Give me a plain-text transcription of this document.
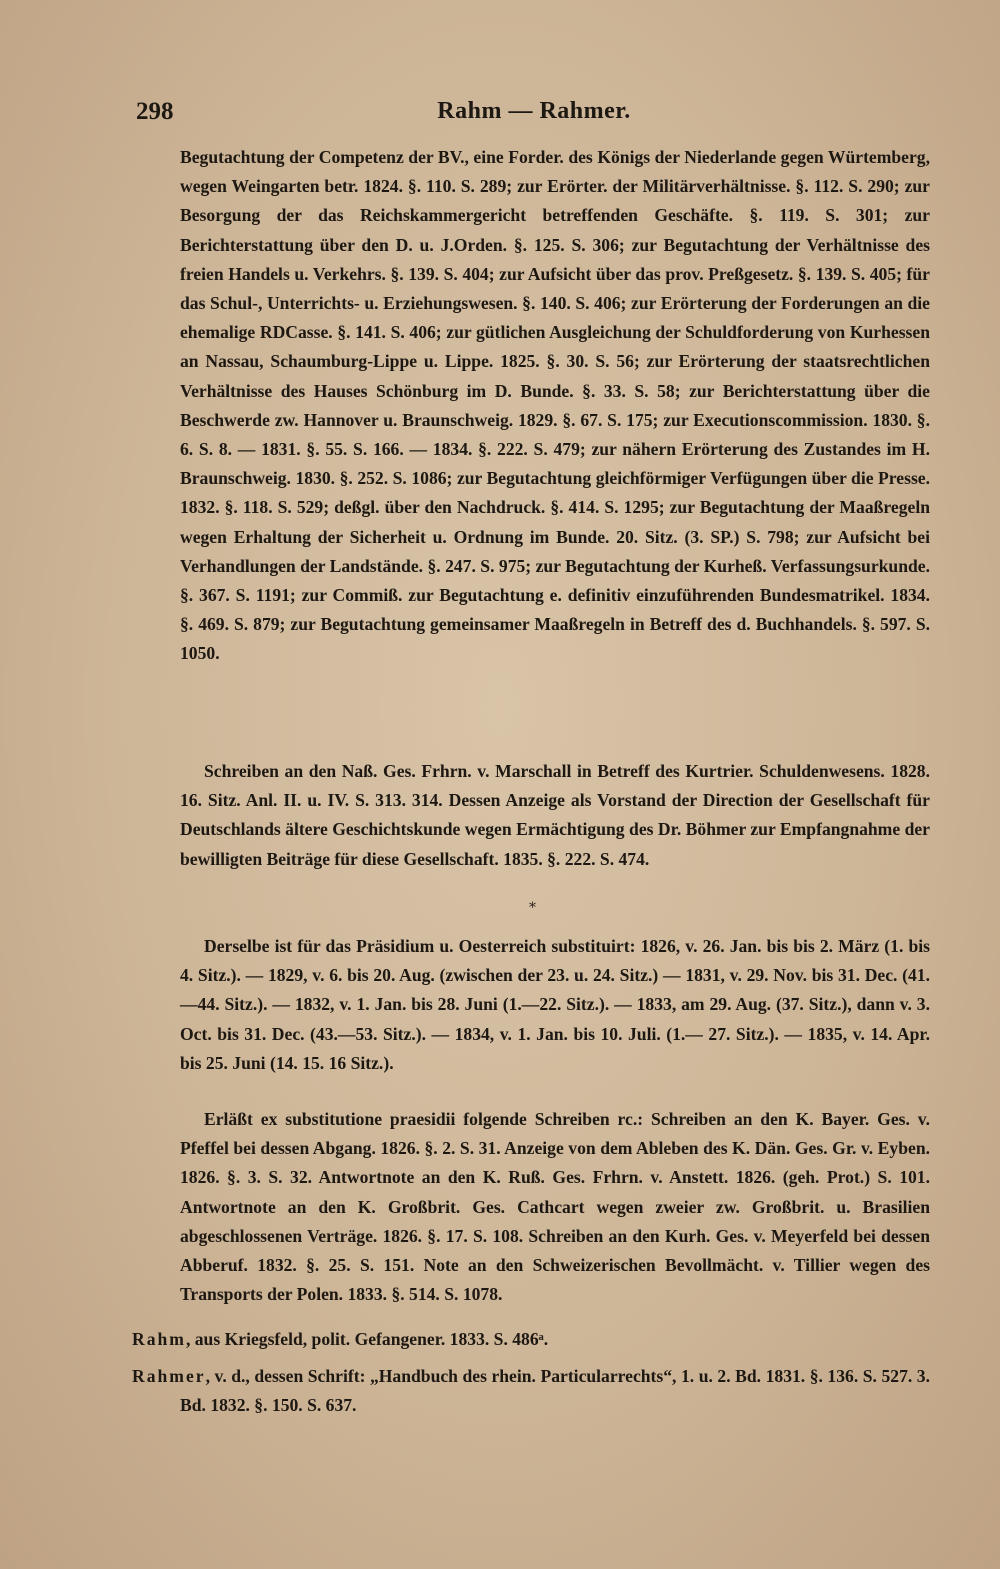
298	Rahm — Rahmer.

Begutachtung der Competenz der BV., eine Forder. des Königs der Niederlande gegen Würtemberg, wegen Weingarten betr. 1824. §. 110. S. 289; zur Erörter. der Militärverhältnisse. §. 112. S. 290; zur Besorgung der das Reichskammergericht betreffenden Geschäfte. §. 119. S. 301; zur Berichterstattung über den D. u. J.Orden. §. 125. S. 306; zur Begutachtung der Verhältnisse des freien Handels u. Verkehrs. §. 139. S. 404; zur Aufsicht über das prov. Preßgesetz. §. 139. S. 405; für das Schul-, Unterrichts- u. Erziehungswesen. §. 140. S. 406; zur Erörterung der Forderungen an die ehemalige RDCasse. §. 141. S. 406; zur gütlichen Ausgleichung der Schuldforderung von Kurhessen an Nassau, Schaumburg-Lippe u. Lippe. 1825. §. 30. S. 56; zur Erörterung der staatsrechtlichen Verhältnisse des Hauses Schönburg im D. Bunde. §. 33. S. 58; zur Berichterstattung über die Beschwerde zw. Hannover u. Braunschweig. 1829. §. 67. S. 175; zur Executionscommission. 1830. §. 6. S. 8. — 1831. §. 55. S. 166. — 1834. §. 222. S. 479; zur nähern Erörterung des Zustandes im H. Braunschweig. 1830. §. 252. S. 1086; zur Begutachtung gleichförmiger Verfügungen über die Presse. 1832. §. 118. S. 529; deßgl. über den Nachdruck. §. 414. S. 1295; zur Begutachtung der Maaßregeln wegen Erhaltung der Sicherheit u. Ordnung im Bunde. 20. Sitz. (3. SP.) S. 798; zur Aufsicht bei Verhandlungen der Landstände. §. 247. S. 975; zur Begutachtung der Kurheß. Verfassungsurkunde. §. 367. S. 1191; zur Commiß. zur Begutachtung e. definitiv einzuführenden Bundesmatrikel. 1834. §. 469. S. 879; zur Begutachtung gemeinsamer Maaßregeln in Betreff des d. Buchhandels. §. 597. S. 1050.

Schreiben an den Naß. Ges. Frhrn. v. Marschall in Betreff des Kurtrier. Schuldenwesens. 1828. 16. Sitz. Anl. II. u. IV. S. 313. 314. Dessen Anzeige als Vorstand der Direction der Gesellschaft für Deutschlands ältere Geschichtskunde wegen Ermächtigung des Dr. Böhmer zur Empfangnahme der bewilligten Beiträge für diese Gesellschaft. 1835. §. 222. S. 474.

*

Derselbe ist für das Präsidium u. Oesterreich substituirt: 1826, v. 26. Jan. bis bis 2. März (1. bis 4. Sitz.). — 1829, v. 6. bis 20. Aug. (zwischen der 23. u. 24. Sitz.) — 1831, v. 29. Nov. bis 31. Dec. (41.—44. Sitz.). — 1832, v. 1. Jan. bis 28. Juni (1.—22. Sitz.). — 1833, am 29. Aug. (37. Sitz.), dann v. 3. Oct. bis 31. Dec. (43.—53. Sitz.). — 1834, v. 1. Jan. bis 10. Juli. (1.— 27. Sitz.). — 1835, v. 14. Apr. bis 25. Juni (14. 15. 16 Sitz.).

Erläßt ex substitutione praesidii folgende Schreiben rc.: Schreiben an den K. Bayer. Ges. v. Pfeffel bei dessen Abgang. 1826. §. 2. S. 31. Anzeige von dem Ableben des K. Dän. Ges. Gr. v. Eyben. 1826. §. 3. S. 32. Antwortnote an den K. Ruß. Ges. Frhrn. v. Anstett. 1826. (geh. Prot.) S. 101. Antwortnote an den K. Großbrit. Ges. Cathcart wegen zweier zw. Großbrit. u. Brasilien abgeschlossenen Verträge. 1826. §. 17. S. 108. Schreiben an den Kurh. Ges. v. Meyerfeld bei dessen Abberuf. 1832. §. 25. S. 151. Note an den Schweizerischen Bevollmächt. v. Tillier wegen des Transports der Polen. 1833. §. 514. S. 1078.

Rahm, aus Kriegsfeld, polit. Gefangener. 1833. S. 486ᵃ.

Rahmer, v. d., dessen Schrift: „Handbuch des rhein. Particularrechts“, 1. u. 2. Bd. 1831. §. 136. S. 527. 3. Bd. 1832. §. 150. S. 637.
